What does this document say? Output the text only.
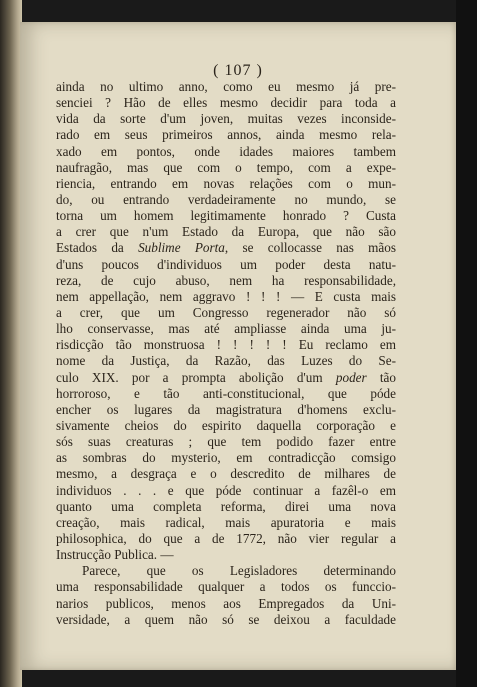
( 107 )
ainda no ultimo anno, como eu mesmo já pre-
senciei ? Hão de elles mesmo decidir para toda a
vida da sorte d'um joven, muitas vezes inconside-
rado em seus primeiros annos, ainda mesmo rela-
xado em pontos, onde idades maiores tambem
naufragão, mas que com o tempo, com a expe-
riencia, entrando em novas relações com o mun-
do, ou entrando verdadeiramente no mundo, se
torna um homem legitimamente honrado ? Custa
a crer que n'um Estado da Europa, que não são
Estados da Sublime Porta, se collocasse nas mãos
d'uns poucos d'individuos um poder desta natu-
reza, de cujo abuso, nem ha responsabilidade,
nem appellação, nem aggravo ! ! ! — E custa mais
a crer, que um Congresso regenerador não só
lho conservasse, mas até ampliasse ainda uma ju-
risdicção tão monstruosa ! ! ! ! ! Eu reclamo em
nome da Justiça, da Razão, das Luzes do Se-
culo XIX. por a prompta abolição d'um poder tão
horroroso, e tão anti-constitucional, que póde
encher os lugares da magistratura d'homens exclu-
sivamente cheios do espirito daquella corporação e
sós suas creaturas ; que tem podido fazer entre
as sombras do mysterio, em contradicção comsigo
mesmo, a desgraça e o descredito de milhares de
individuos . . . e que póde continuar a fazêl-o em
quanto uma completa reforma, direi uma nova
creação, mais radical, mais apuratoria e mais
philosophica, do que a de 1772, não vier regular a
Instrucção Publica. —
Parece, que os Legisladores determinando
uma responsabilidade qualquer a todos os funccio-
narios publicos, menos aos Empregados da Uni-
versidade, a quem não só se deixou a faculdade
